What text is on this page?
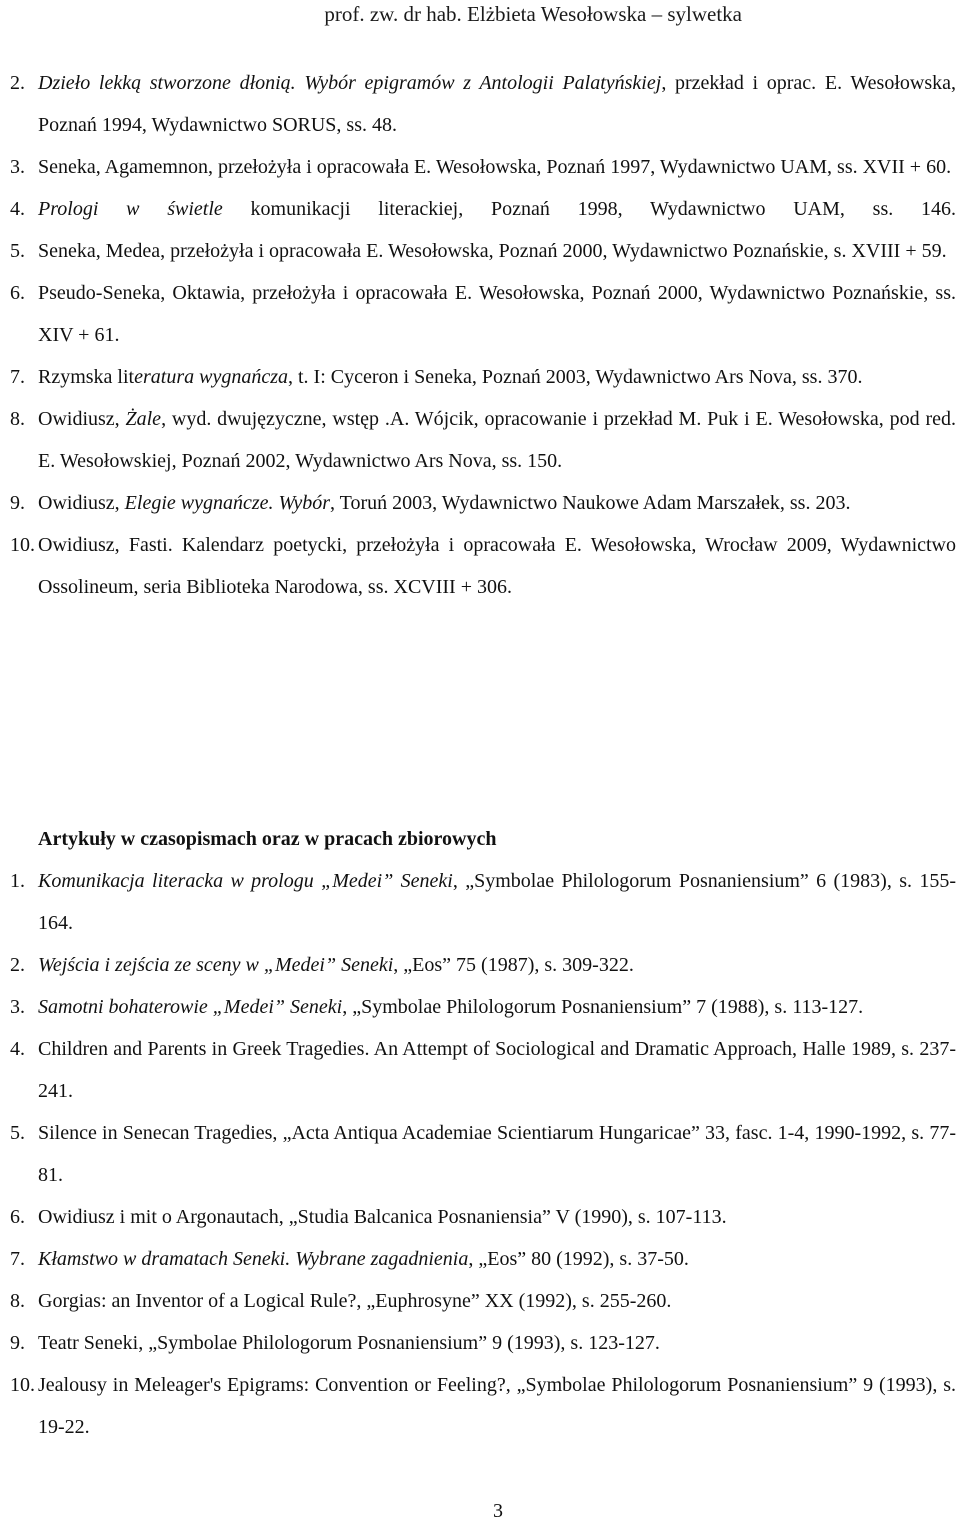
prof. zw. dr hab. Elżbieta Wesołowska – sylwetka
2. Dzieło lekką stworzone dłonią. Wybór epigramów z Antologii Palatyńskiej, przekład i oprac. E. Wesołowska, Poznań 1994, Wydawnictwo SORUS, ss. 48.
3. Seneka, Agamemnon, przełożyła i opracowała E. Wesołowska, Poznań 1997, Wydawnictwo UAM, ss. XVII + 60.
4. Prologi w świetle komunikacji literackiej, Poznań 1998, Wydawnictwo UAM, ss. 146.
5. Seneka, Medea, przełożyła i opracowała E. Wesołowska, Poznań 2000, Wydawnictwo Poznańskie, s. XVIII + 59.
6. Pseudo-Seneka, Oktawia, przełożyła i opracowała E. Wesołowska, Poznań 2000, Wydawnictwo Poznańskie, ss. XIV + 61.
7. Rzymska literatura wygnańcza, t. I: Cyceron i Seneka, Poznań 2003, Wydawnictwo Ars Nova, ss. 370.
8. Owidiusz, Żale, wyd. dwujęzyczne, wstęp .A. Wójcik, opracowanie i przekład M. Puk i E. Wesołowska, pod red. E. Wesołowskiej, Poznań 2002, Wydawnictwo Ars Nova, ss. 150.
9. Owidiusz, Elegie wygnańcze. Wybór, Toruń 2003, Wydawnictwo Naukowe Adam Marszałek, ss. 203.
10. Owidiusz, Fasti. Kalendarz poetycki, przełożyła i opracowała E. Wesołowska, Wrocław 2009, Wydawnictwo Ossolineum, seria Biblioteka Narodowa, ss. XCVIII + 306.
Artykuły w czasopismach oraz w pracach zbiorowych
1. Komunikacja literacka w prologu „Medei” Seneki, „Symbolae Philologorum Posnaniensium” 6 (1983), s. 155-164.
2. Wejścia i zejścia ze sceny w „Medei” Seneki, „Eos” 75 (1987), s. 309-322.
3. Samotni bohaterowie „Medei” Seneki, „Symbolae Philologorum Posnaniensium” 7 (1988), s. 113-127.
4. Children and Parents in Greek Tragedies. An Attempt of Sociological and Dramatic Approach, Halle 1989, s. 237-241.
5. Silence in Senecan Tragedies, „Acta Antiqua Academiae Scientiarum Hungaricae” 33, fasc. 1-4, 1990-1992, s. 77-81.
6. Owidiusz i mit o Argonautach, „Studia Balcanica Posnaniensia” V (1990), s. 107-113.
7. Kłamstwo w dramatach Seneki. Wybrane zagadnienia, „Eos” 80 (1992), s. 37-50.
8. Gorgias: an Inventor of a Logical Rule?, „Euphrosyne” XX (1992), s. 255-260.
9. Teatr Seneki, „Symbolae Philologorum Posnaniensium” 9 (1993), s. 123-127.
10. Jealousy in Meleager's Epigrams: Convention or Feeling?, „Symbolae Philologorum Posnaniensium” 9 (1993), s. 19-22.
3
